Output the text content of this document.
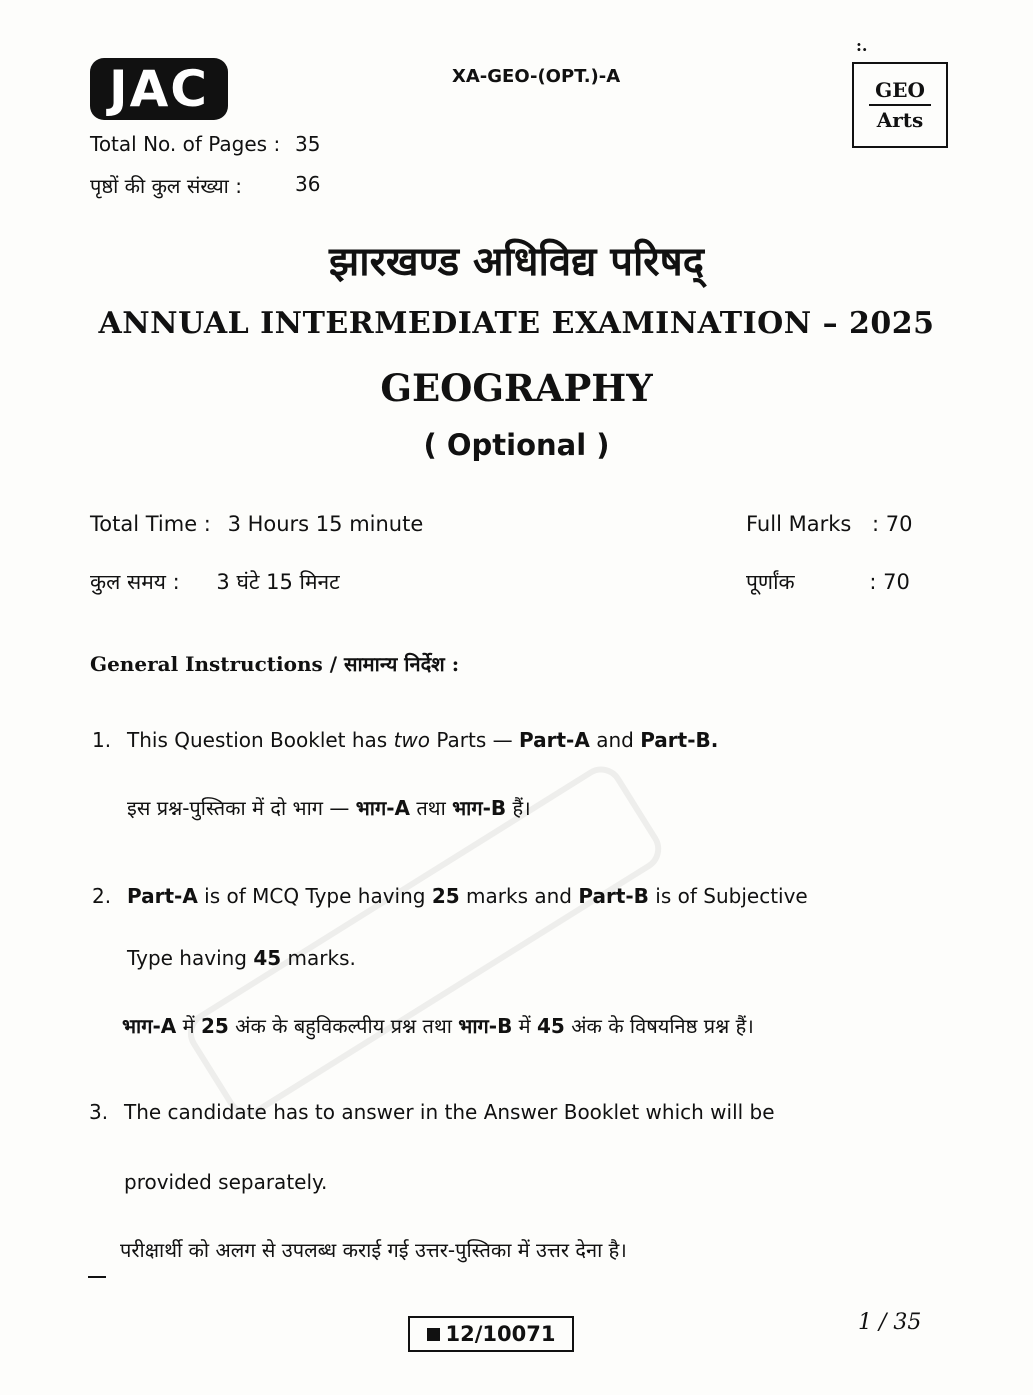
JAC	XA-GEO-(OPT.)-A
:.
GEO
Arts
Total No. of Pages : 35
पृष्ठों की कुल संख्या :	36
झारखण्ड अधिविद्य परिषद्
ANNUAL INTERMEDIATE EXAMINATION – 2025
GEOGRAPHY
( Optional )
Total Time : 3 Hours 15 minute	Full Marks : 70
कुल समय : 3 घंटे 15 मिनट	पूर्णांक	: 70
General Instructions / सामान्य निर्देश :
1. This Question Booklet has two Parts — Part-A and Part-B.
इस प्रश्न-पुस्तिका में दो भाग — भाग-A तथा भाग-B हैं।
2. Part-A is of MCQ Type having 25 marks and Part-B is of Subjective
Type having 45 marks.
भाग-A में 25 अंक के बहुविकल्पीय प्रश्न तथा भाग-B में 45 अंक के विषयनिष्ठ प्रश्न हैं।
3. The candidate has to answer in the Answer Booklet which will be
provided separately.
परीक्षार्थी को अलग से उपलब्ध कराई गई उत्तर-पुस्तिका में उत्तर देना है।
12/10071	1 / 35
